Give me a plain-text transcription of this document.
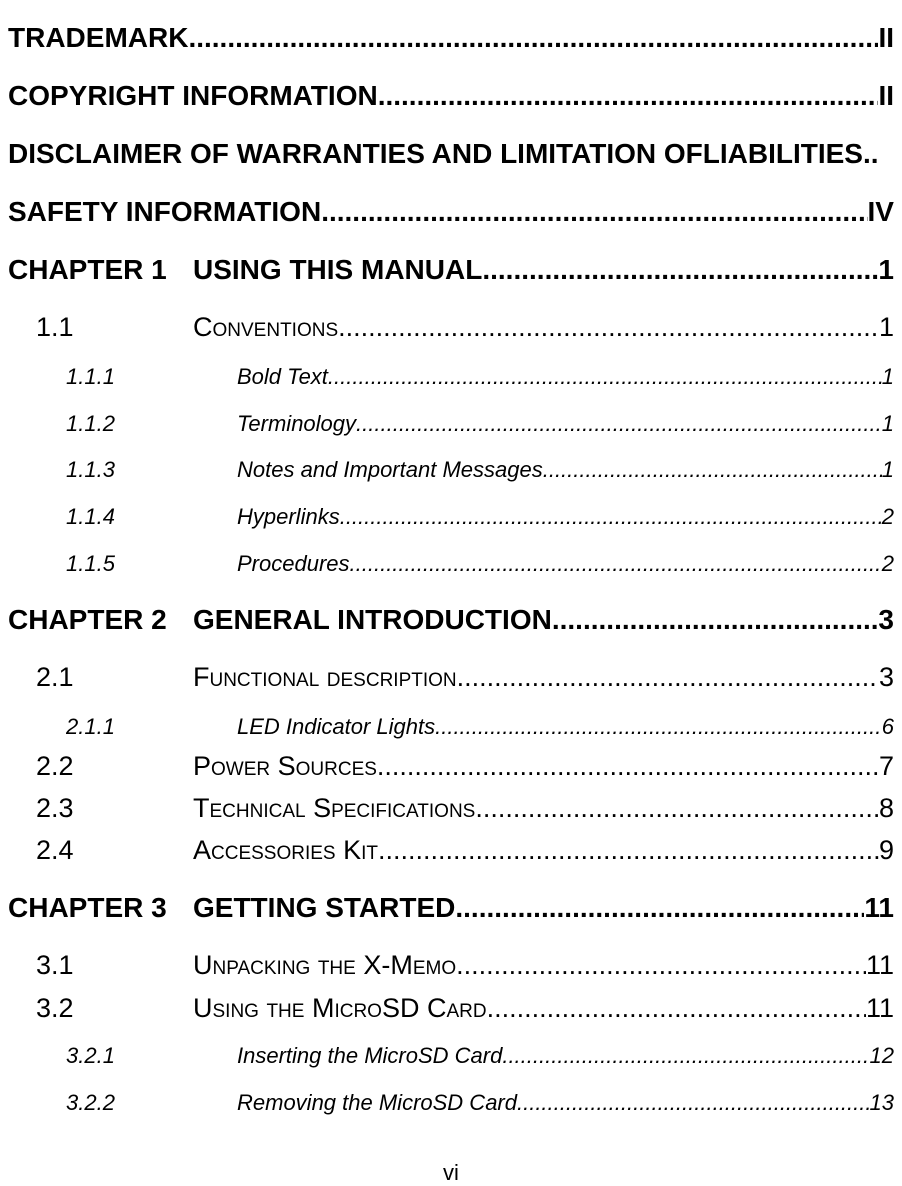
TRADEMARK .....	II
COPYRIGHT INFORMATION .....	II
DISCLAIMER OF WARRANTIES AND LIMITATION OFLIABILITIES..
SAFETY INFORMATION .....	IV
CHAPTER 1 USING THIS MANUAL .....	1
1.1	Conventions .....	1
1.1.1	Bold Text .....	1
1.1.2	Terminology .....	1
1.1.3	Notes and Important Messages .....	1
1.1.4	Hyperlinks .....	2
1.1.5	Procedures .....	2
CHAPTER 2 GENERAL INTRODUCTION .....	3
2.1	Functional description .....	3
2.1.1	LED Indicator Lights .....	6
2.2	Power Sources .....	7
2.3	Technical Specifications .....	8
2.4	Accessories Kit .....	9
CHAPTER 3 GETTING STARTED .....	11
3.1	Unpacking the X-Memo .....	11
3.2	Using the MicroSD Card .....	11
3.2.1	Inserting the MicroSD Card .....	12
3.2.2	Removing the MicroSD Card .....	13
vi
